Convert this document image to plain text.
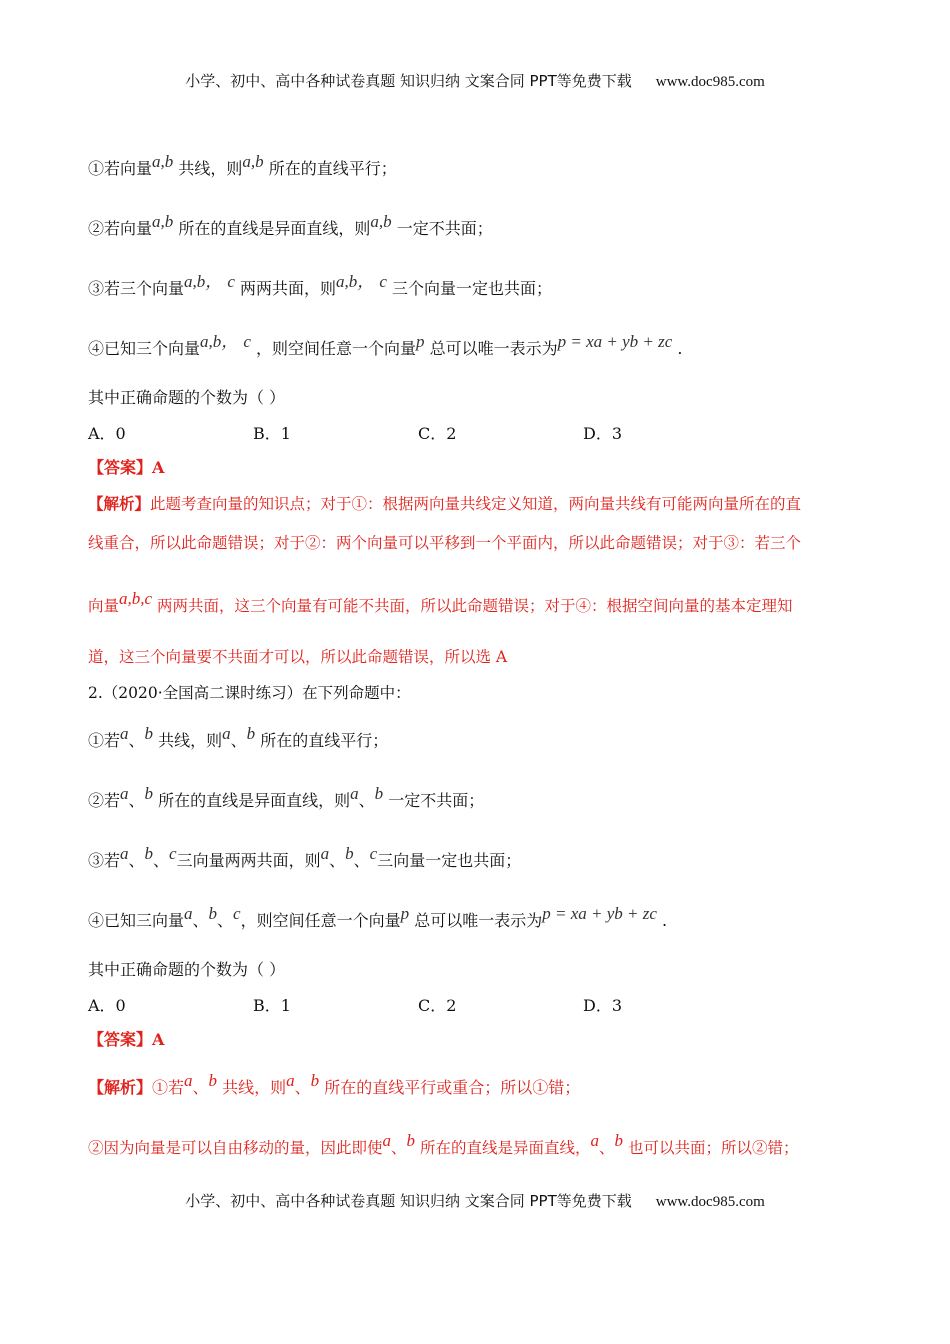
小学、初中、高中各种试卷真题 知识归纳 文案合同 PPT等免费下载 www.doc985.com
①若向量a,b 共线，则a,b 所在的直线平行；
②若向量a,b 所在的直线是异面直线，则a,b 一定不共面；
③若三个向量a,b， c 两两共面，则a,b， c 三个向量一定也共面；
④已知三个向量a,b， c ，则空间任意一个向量p 总可以唯一表示为p = xa + yb + zc .
其中正确命题的个数为（ ）
A．0	B．1	C．2	D．3
【答案】A
【解析】此题考查向量的知识点；对于①：根据两向量共线定义知道，两向量共线有可能两向量所在的直
线重合，所以此命题错误；对于②：两个向量可以平移到一个平面内，所以此命题错误；对于③：若三个
向量a,b,c 两两共面，这三个向量有可能不共面，所以此命题错误；对于④：根据空间向量的基本定理知
道，这三个向量要不共面才可以，所以此命题错误，所以选 A
2.（2020·全国高二课时练习）在下列命题中：
①若a、b 共线，则a、b 所在的直线平行；
②若a、b 所在的直线是异面直线，则a、b 一定不共面；
③若a、b、c三向量两两共面，则a、b、c三向量一定也共面；
④已知三向量a、b、c，则空间任意一个向量p 总可以唯一表示为p = xa + yb + zc .
其中正确命题的个数为（ ）
A．0	B．1	C．2	D．3
【答案】A
【解析】①若a、b 共线，则a、b 所在的直线平行或重合；所以①错；
②因为向量是可以自由移动的量，因此即使a、b 所在的直线是异面直线，a、b 也可以共面；所以②错；
小学、初中、高中各种试卷真题 知识归纳 文案合同 PPT等免费下载 www.doc985.com
